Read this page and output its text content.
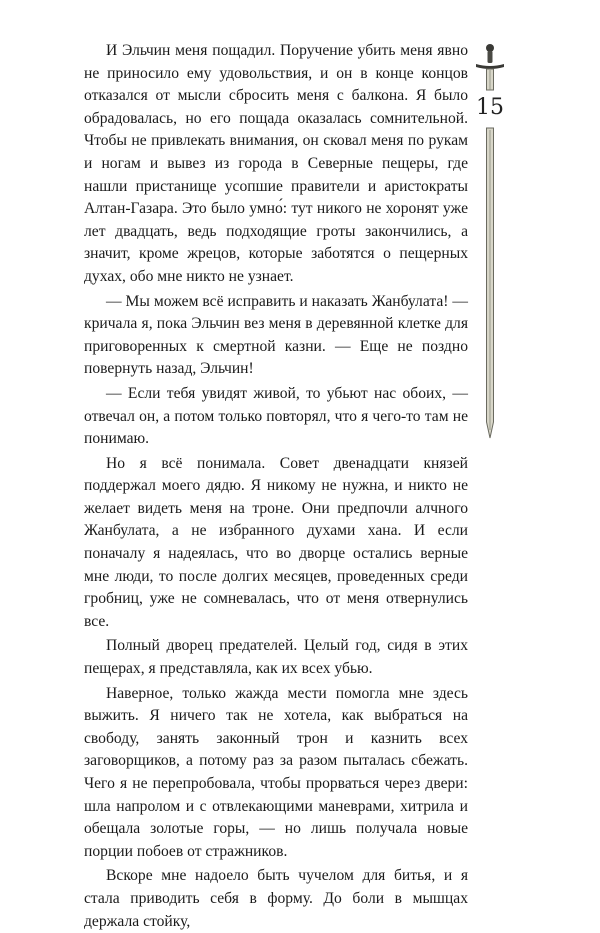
И Эльчин меня пощадил. Поручение убить меня явно не приносило ему удовольствия, и он в конце концов отказался от мысли сбросить меня с балкона. Я было обрадовалась, но его пощада оказалась сомнительной. Чтобы не привлекать внимания, он сковал меня по рукам и ногам и вывез из города в Северные пещеры, где нашли пристанище усопшие правители и аристократы Алтан-Газара. Это было умно́: тут никого не хоронят уже лет двадцать, ведь подходящие гроты закончились, а значит, кроме жрецов, которые заботятся о пещерных духах, обо мне никто не узнает.

— Мы можем всё исправить и наказать Жанбулата! — кричала я, пока Эльчин вез меня в деревянной клетке для приговоренных к смертной казни. — Еще не поздно повернуть назад, Эльчин!

— Если тебя увидят живой, то убьют нас обоих, — отвечал он, а потом только повторял, что я чего-то там не понимаю.

Но я всё понимала. Совет двенадцати князей поддержал моего дядю. Я никому не нужна, и никто не желает видеть меня на троне. Они предпочли алчного Жанбулата, а не избранного духами хана. И если поначалу я надеялась, что во дворце остались верные мне люди, то после долгих месяцев, проведенных среди гробниц, уже не сомневалась, что от меня отвернулись все.

Полный дворец предателей. Целый год, сидя в этих пещерах, я представляла, как их всех убью.

Наверное, только жажда мести помогла мне здесь выжить. Я ничего так не хотела, как выбраться на свободу, занять законный трон и казнить всех заговорщиков, а потому раз за разом пыталась сбежать. Чего я не перепробовала, чтобы прорваться через двери: шла напролом и с отвлекающими маневрами, хитрила и обещала золотые горы, — но лишь получала новые порции побоев от стражников.

Вскоре мне надоело быть чучелом для битья, и я стала приводить себя в форму. До боли в мышцах держала стойку,

15
